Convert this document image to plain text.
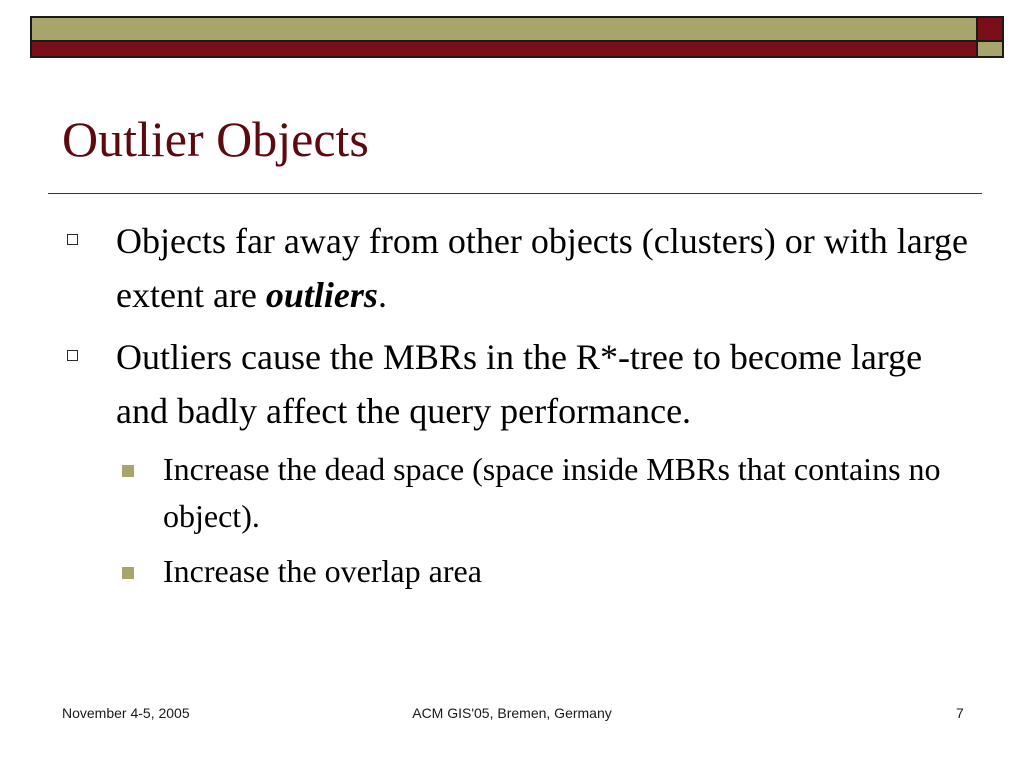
Outlier Objects
Objects far away from other objects (clusters) or with large extent are outliers.
Outliers cause the MBRs in the R*-tree to become large and badly affect the query performance.
Increase the dead space (space inside MBRs that contains no object).
Increase the overlap area
November 4-5, 2005	ACM GIS'05, Bremen, Germany	7
